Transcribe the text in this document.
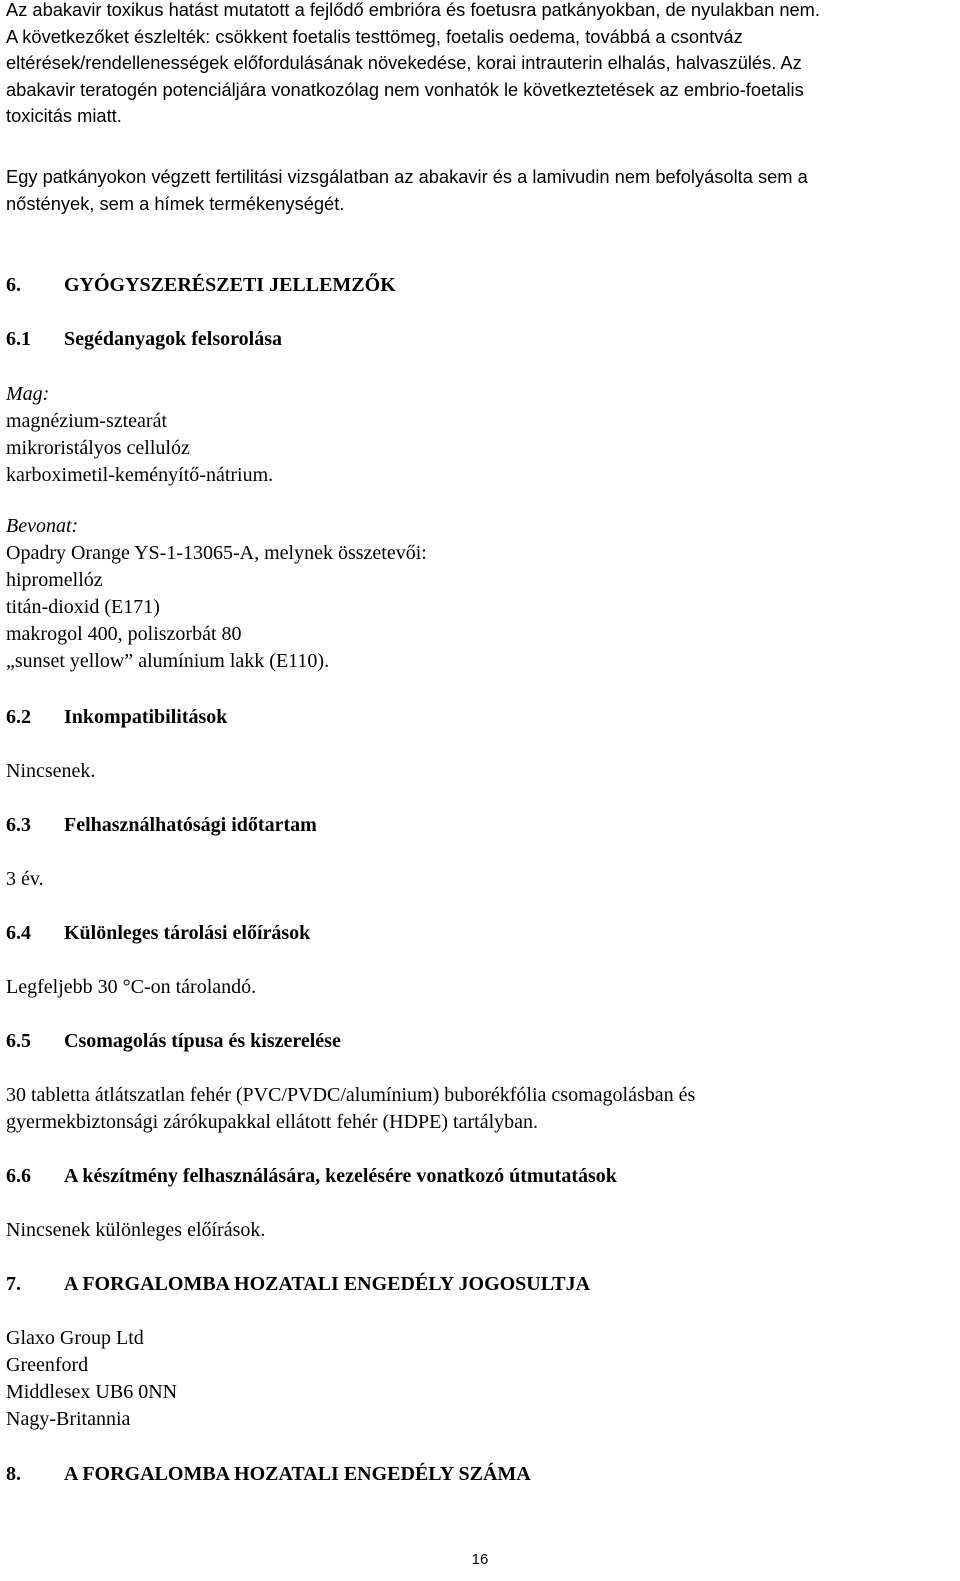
Az abakavir toxikus hatást mutatott a fejlődő embrióra és foetusra patkányokban, de nyulakban nem.
A következőket észlelték: csökkent foetalis testtömeg, foetalis oedema, továbbá a csontváz
eltérések/rendellenességek előfordulásának növekedése, korai intrauterin elhalás, halvaszülés. Az
abakavir teratogén potenciáljára vonatkozólag nem vonhatók le következtetések az embrio-foetalis
toxicitás miatt.
Egy patkányokon végzett fertilitási vizsgálatban az abakavir és a lamivudin nem befolyásolta sem a
nőstények, sem a hímek termékenységét.
6. GYÓGYSZERÉSZETI JELLEMZŐK
6.1 Segédanyagok felsorolása
Mag:
magnézium-sztearát
mikroristályos cellulóz
karboximetil-keményítő-nátrium.
Bevonat:
Opadry Orange YS-1-13065-A, melynek összetevői:
hipromellóz
titán-dioxid (E171)
makrogol 400, poliszorbát 80
„sunset yellow” alumínium lakk (E110).
6.2 Inkompatibilitások
Nincsenek.
6.3 Felhasználhatósági időtartam
3 év.
6.4 Különleges tárolási előírások
Legfeljebb 30 °C-on tárolandó.
6.5 Csomagolás típusa és kiszerelése
30 tabletta átlátszatlan fehér (PVC/PVDC/alumínium) buborékfólia csomagolásban és
gyermekbiztonsági zárókupakkal ellátott fehér (HDPE) tartályban.
6.6 A készítmény felhasználására, kezelésére vonatkozó útmutatások
Nincsenek különleges előírások.
7. A FORGALOMBA HOZATALI ENGEDÉLY JOGOSULTJA
Glaxo Group Ltd
Greenford
Middlesex UB6 0NN
Nagy-Britannia
8. A FORGALOMBA HOZATALI ENGEDÉLY SZÁMA
16
